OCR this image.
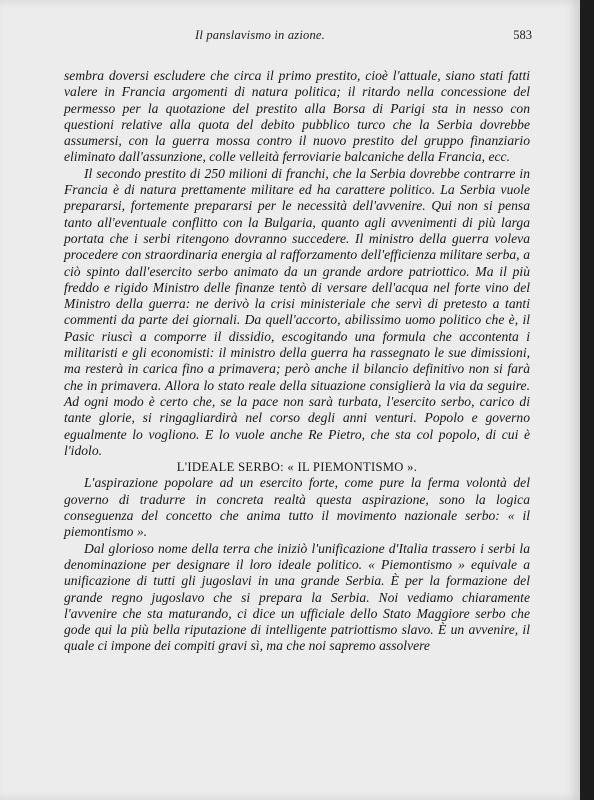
Il panslavismo in azione.	583

sembra doversi escludere che circa il primo prestito, cioè l'attuale, siano stati fatti valere in Francia argomenti di natura politica; il ritardo nella concessione del permesso per la quotazione del prestito alla Borsa di Parigi sta in nesso con questioni relative alla quota del debito pubblico turco che la Serbia dovrebbe assumersi, con la guerra mossa contro il nuovo prestito del gruppo finanziario eliminato dall'assunzione, colle velleità ferroviarie balcaniche della Francia, ecc.

Il secondo prestito di 250 milioni di franchi, che la Serbia dovrebbe contrarre in Francia è di natura prettamente militare ed ha carattere politico. La Serbia vuole prepararsi, fortemente prepararsi per le necessità dell'avvenire. Qui non si pensa tanto all'eventuale conflitto con la Bulgaria, quanto agli avvenimenti di più larga portata che i serbi ritengono dovranno succedere. Il ministro della guerra voleva procedere con straordinaria energia al rafforzamento dell'efficienza militare serba, a ciò spinto dall'esercito serbo animato da un grande ardore patriottico. Ma il più freddo e rigido Ministro delle finanze tentò di versare dell'acqua nel forte vino del Ministro della guerra: ne derivò la crisi ministeriale che servì di pretesto a tanti commenti da parte dei giornali. Da quell'accorto, abilissimo uomo politico che è, il Pasic riuscì a comporre il dissidio, escogitando una formula che accontenta i militaristi e gli economisti: il ministro della guerra ha rassegnato le sue dimissioni, ma resterà in carica fino a primavera; però anche il bilancio definitivo non si farà che in primavera. Allora lo stato reale della situazione consiglierà la via da seguire. Ad ogni modo è certo che, se la pace non sarà turbata, l'esercito serbo, carico di tante glorie, si ringagliardirà nel corso degli anni venturi. Popolo e governo egualmente lo vogliono. E lo vuole anche Re Pietro, che sta col popolo, di cui è l'idolo.

L'IDEALE SERBO: « IL PIEMONTISMO ».

L'aspirazione popolare ad un esercito forte, come pure la ferma volontà del governo di tradurre in concreta realtà questa aspirazione, sono la logica conseguenza del concetto che anima tutto il movimento nazionale serbo: « il piemontismo ».

Dal glorioso nome della terra che iniziò l'unificazione d'Italia trassero i serbi la denominazione per designare il loro ideale politico. « Piemontismo » equivale a unificazione di tutti gli jugoslavi in una grande Serbia. È per la formazione del grande regno jugoslavo che si prepara la Serbia. Noi vediamo chiaramente l'avvenire che sta maturando, ci dice un ufficiale dello Stato Maggiore serbo che gode qui la più bella riputazione di intelligente patriottismo slavo. È un avvenire, il quale ci impone dei compiti gravi sì, ma che noi sapremo assolvere
